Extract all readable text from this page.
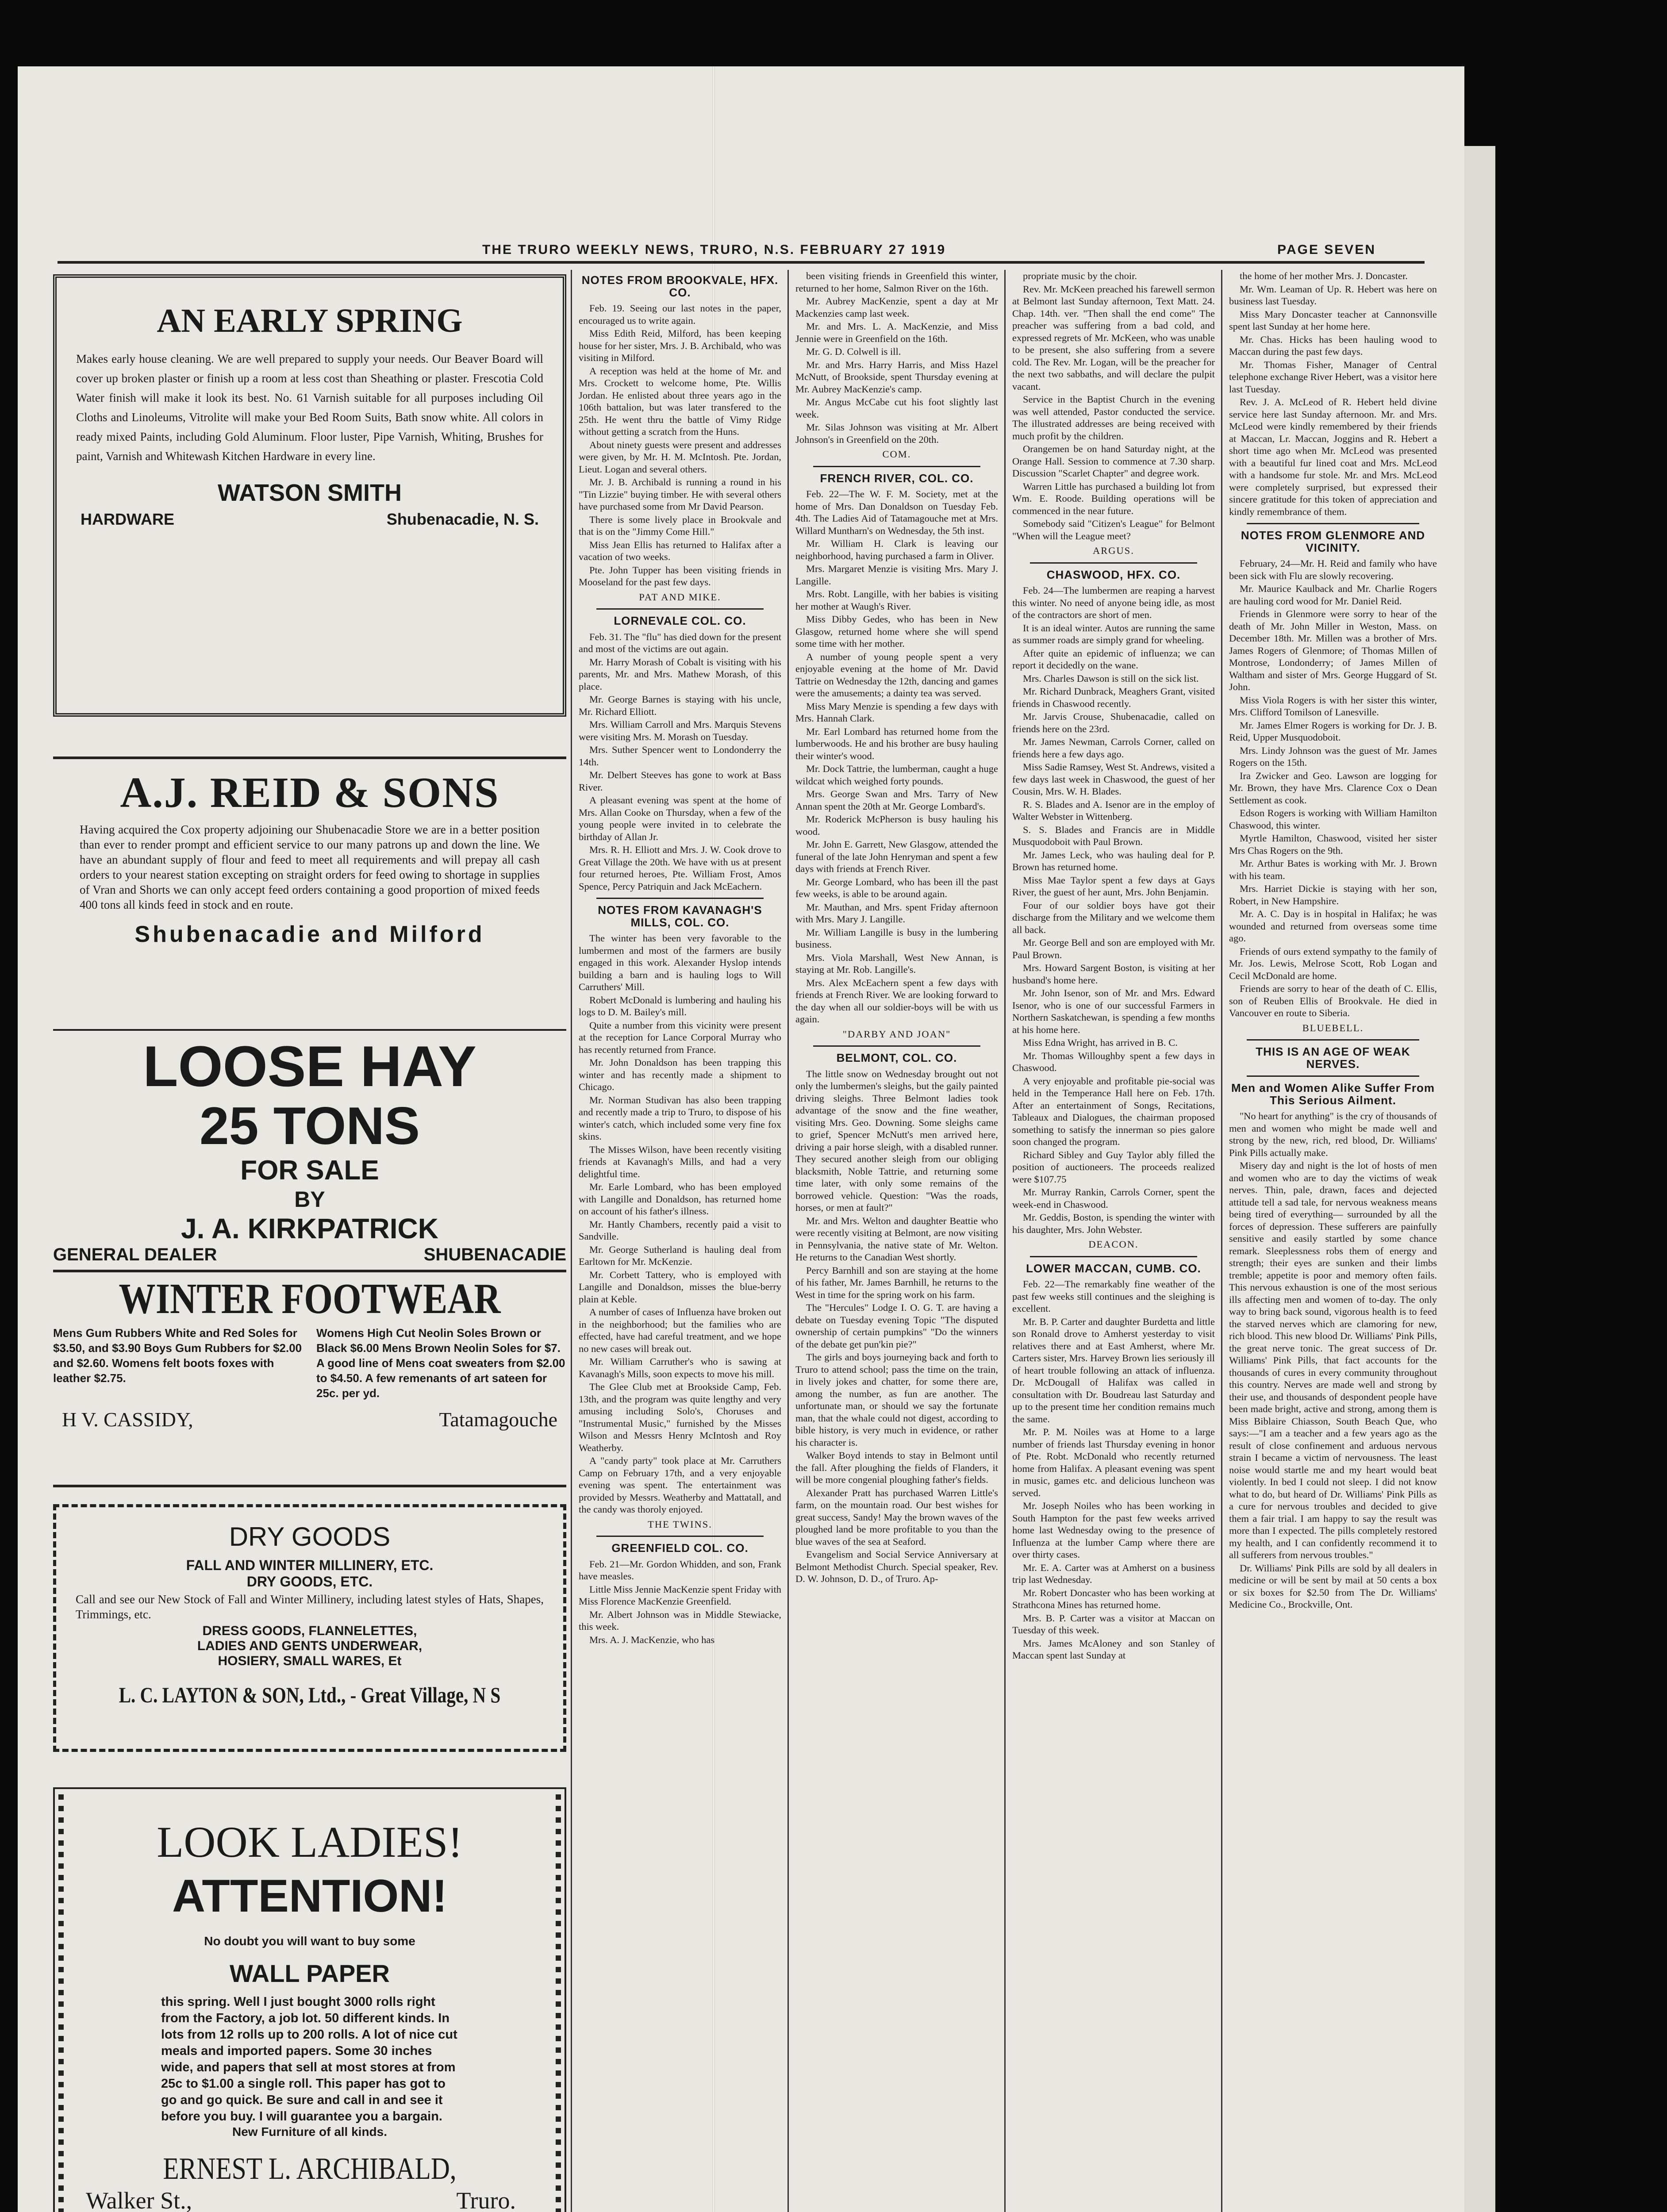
THE TRURO WEEKLY NEWS, TRURO, N.S. FEBRUARY 27 1919	PAGE SEVEN
AN EARLY SPRING
Makes early house cleaning. We are well prepared to supply your needs. Our Beaver Board will cover up broken plaster or finish up a room at less cost than Sheathing or plaster. Frescotia Cold Water finish will make it look its best. No. 61 Varnish suitable for all purposes including Oil Cloths and Linoleums, Vitrolite will make your Bed Room Suits, Bath snow white. All colors in ready mixed Paints, including Gold Aluminum. Floor luster, Pipe Varnish, Whiting, Brushes for paint, Varnish and Whitewash Kitchen Hardware in every line.
WATSON SMITH
HARDWARE	Shubenacadie, N. S.
A.J. REID & SONS
Having acquired the Cox property adjoining our Shubenacadie Store we are in a better position than ever to render prompt and efficient service to our many patrons up and down the line. We have an abundant supply of flour and feed to meet all requirements and will prepay all cash orders to your nearest station excepting on straight orders for feed owing to shortage in supplies of Vran and Shorts we can only accept feed orders containing a good proportion of mixed feeds 400 tons all kinds feed in stock and en route.
Shubenacadie and Milford
LOOSE HAY
25 TONS
FOR SALE
BY
J. A. KIRKPATRICK
GENERAL DEALER	SHUBENACADIE
WINTER FOOTWEAR
Mens Gum Rubbers White and Red Soles for $3.50, and $3.90 Boys Gum Rubbers for $2.00 and $2.60. Womens felt boots foxes with leather $2.75.
Womens High Cut Neolin Soles Brown or Black $6.00 Mens Brown Neolin Soles for $7. A good line of Mens coat sweaters from $2.00 to $4.50. A few remenants of art sateen for 25c. per yd.
H V. CASSIDY,	Tatamagouche
DRY GOODS
FALL AND WINTER MILLINERY, ETC.
DRY GOODS, ETC.
Call and see our New Stock of Fall and Winter Millinery, including latest styles of Hats, Shapes, Trimmings, etc.
DRESS GOODS, FLANNELETTES,
LADIES AND GENTS UNDERWEAR,
HOSIERY, SMALL WARES, Et
L. C. LAYTON & SON, Ltd., - Great Village, N S
LOOK LADIES!
ATTENTION!
No doubt you will want to buy some
WALL PAPER
this spring. Well I just bought 3000 rolls right from the Factory, a job lot. 50 different kinds. In lots from 12 rolls up to 200 rolls. A lot of nice cut meals and imported papers. Some 30 inches wide, and papers that sell at most stores at from 25c to $1.00 a single roll. This paper has got to go and go quick. Be sure and call in and see it before you buy. I will guarantee you a bargain.
New Furniture of all kinds.
ERNEST L. ARCHIBALD,
Walker St.,	Truro.
NOTES FROM BROOKVALE, HFX. CO.

Feb. 19. Seeing our last notes in the paper, encouraged us to write again.

Miss Edith Reid, Milford, has been keeping house for her sister, Mrs. J. B. Archibald, who was visiting in Milford.

A reception was held at the home of Mr. and Mrs. Crockett to welcome home, Pte. Willis Jordan. He enlisted about three years ago in the 106th battalion, but was later transfered to the 25th. He went thru the battle of Vimy Ridge without getting a scratch from the Huns.

About ninety guests were present and addresses were given, by Mr. H. M. McIntosh. Pte. Jordan, Lieut. Logan and several others.

Mr. J. B. Archibald is running a round in his "Tin Lizzie" buying timber. He with several others have purchased some from Mr David Pearson.

There is some lively place in Brookvale and that is on the "Jimmy Come Hill."

Miss Jean Ellis has returned to Halifax after a vacation of two weeks.

Pte. John Tupper has been visiting friends in Mooseland for the past few days.

PAT AND MIKE.

LORNEVALE COL. CO.

Feb. 31. The "flu" has died down for the present and most of the victims are out again.

Mr. Harry Morash of Cobalt is visiting with his parents, Mr. and Mrs. Mathew Morash, of this place.

Mr. George Barnes is staying with his uncle, Mr. Richard Elliott.

Mrs. William Carroll and Mrs. Marquis Stevens were visiting Mrs. M. Morash on Tuesday.

Mrs. Suther Spencer went to Londonderry the 14th.

Mr. Delbert Steeves has gone to work at Bass River.

A pleasant evening was spent at the home of Mrs. Allan Cooke on Thursday, when a few of the young people were invited in to celebrate the birthday of Allan Jr.

Mrs. R. H. Elliott and Mrs. J. W. Cook drove to Great Village the 20th. We have with us at present four returned heroes, Pte. William Frost, Amos Spence, Percy Patriquin and Jack McEachern.

NOTES FROM KAVANAGH'S MILLS, COL. CO.

The winter has been very favorable to the lumbermen and most of the farmers are busily engaged in this work. Alexander Hyslop intends building a barn and is hauling logs to Will Carruthers' Mill.

Robert McDonald is lumbering and hauling his logs to D. M. Bailey's mill.

Quite a number from this vicinity were present at the reception for Lance Corporal Murray who has recently returned from France.

Mr. John Donaldson has been trapping this winter and has recently made a shipment to Chicago.

Mr. Norman Studivan has also been trapping and recently made a trip to Truro, to dispose of his winter's catch, which included some very fine fox skins.

The Misses Wilson, have been recently visiting friends at Kavanagh's Mills, and had a very delightful time.

Mr. Earle Lombard, who has been employed with Langille and Donaldson, has returned home on account of his father's illness.

Mr. Hantly Chambers, recently paid a visit to Sandville.

Mr. George Sutherland is hauling deal from Earltown for Mr. McKenzie.

Mr. Corbett Tattery, who is employed with Langille and Donaldson, misses the blue-berry plain at Keble.

A number of cases of Influenza have broken out in the neighborhood; but the families who are effected, have had careful treatment, and we hope no new cases will break out.

Mr. William Carruther's who is sawing at Kavanagh's Mills, soon expects to move his mill.

The Glee Club met at Brookside Camp, Feb. 13th, and the program was quite lengthy and very amusing including Solo's, Choruses and "Instrumental Music," furnished by the Misses Wilson and Messrs Henry McIntosh and Roy Weatherby.

A "candy party" took place at Mr. Carruthers Camp on February 17th, and a very enjoyable evening was spent. The entertainment was provided by Messrs. Weatherby and Mattatall, and the candy was thoroly enjoyed.

THE TWINS.

GREENFIELD COL. CO.

Feb. 21—Mr. Gordon Whidden, and son, Frank have measles.

Little Miss Jennie MacKenzie spent Friday with Miss Florence MacKenzie Greenfield.

Mr. Albert Johnson was in Middle Stewiacke, this week.

Mrs. A. J. MacKenzie, who has

been visiting friends in Greenfield this winter, returned to her home, Salmon River on the 16th.

Mr. Aubrey MacKenzie, spent a day at Mr Mackenzies camp last week.

Mr. and Mrs. L. A. MacKenzie, and Miss Jennie were in Greenfield on the 16th.

Mr. G. D. Colwell is ill.

Mr. and Mrs. Harry Harris, and Miss Hazel McNutt, of Brookside, spent Thursday evening at Mr. Aubrey MacKenzie's camp.

Mr. Angus McCabe cut his foot slightly last week.

Mr. Silas Johnson was visiting at Mr. Albert Johnson's in Greenfield on the 20th.

COM.

FRENCH RIVER, COL. CO.

Feb. 22—The W. F. M. Society, met at the home of Mrs. Dan Donaldson on Tuesday Feb. 4th. The Ladies Aid of Tatamagouche met at Mrs. Willard Muntharn's on Wednesday, the 5th inst.

Mr. William H. Clark is leaving our neighborhood, having purchased a farm in Oliver.

Mrs. Margaret Menzie is visiting Mrs. Mary J. Langille.

Mrs. Robt. Langille, with her babies is visiting her mother at Waugh's River.

Miss Dibby Gedes, who has been in New Glasgow, returned home where she will spend some time with her mother.

A number of young people spent a very enjoyable evening at the home of Mr. David Tattrie on Wednesday the 12th, dancing and games were the amusements; a dainty tea was served.

Miss Mary Menzie is spending a few days with Mrs. Hannah Clark.

Mr. Earl Lombard has returned home from the lumberwoods. He and his brother are busy hauling their winter's wood.

Mr. Dock Tattrie, the lumberman, caught a huge wildcat which weighed forty pounds.

Mrs. George Swan and Mrs. Tarry of New Annan spent the 20th at Mr. George Lombard's.

Mr. Roderick McPherson is busy hauling his wood.

Mr. John E. Garrett, New Glasgow, attended the funeral of the late John Henryman and spent a few days with friends at French River.

Mr. George Lombard, who has been ill the past few weeks, is able to be around again.

Mr. Mauthan, and Mrs. spent Friday afternoon with Mrs. Mary J. Langille.

Mr. William Langille is busy in the lumbering business.

Mrs. Viola Marshall, West New Annan, is staying at Mr. Rob. Langille's.

Mrs. Alex McEachern spent a few days with friends at French River. We are looking forward to the day when all our soldier-boys will be with us again.

"DARBY AND JOAN"

BELMONT, COL. CO.

The little snow on Wednesday brought out not only the lumbermen's sleighs, but the gaily painted driving sleighs. Three Belmont ladies took advantage of the snow and the fine weather, visiting Mrs. Geo. Downing. Some sleighs came to grief, Spencer McNutt's men arrived here, driving a pair horse sleigh, with a disabled runner. They secured another sleigh from our obliging blacksmith, Noble Tattrie, and returning some time later, with only some remains of the borrowed vehicle. Question: "Was the roads, horses, or men at fault?"

Mr. and Mrs. Welton and daughter Beattie who were recently visiting at Belmont, are now visiting in Pennsylvania, the native state of Mr. Welton. He returns to the Canadian West shortly.

Percy Barnhill and son are staying at the home of his father, Mr. James Barnhill, he returns to the West in time for the spring work on his farm.

The "Hercules" Lodge I. O. G. T. are having a debate on Tuesday evening Topic "The disputed ownership of certain pumpkins" "Do the winners of the debate get pun'kin pie?"

The girls and boys journeying back and forth to Truro to attend school; pass the time on the train, in lively jokes and chatter, for some there are, among the number, as fun are another. The unfortunate man, or should we say the fortunate man, that the whale could not digest, according to bible history, is very much in evidence, or rather his character is.

Walker Boyd intends to stay in Belmont until the fall. After ploughing the fields of Flanders, it will be more congenial ploughing father's fields.

Alexander Pratt has purchased Warren Little's farm, on the mountain road. Our best wishes for great success, Sandy! May the brown waves of the ploughed land be more profitable to you than the blue waves of the sea at Seaford.

Evangelism and Social Service Anniversary at Belmont Methodist Church. Special speaker, Rev. D. W. Johnson, D. D., of Truro. Ap-

propriate music by the choir.

Rev. Mr. McKeen preached his farewell sermon at Belmont last Sunday afternoon, Text Matt. 24. Chap. 14th. ver. "Then shall the end come" The preacher was suffering from a bad cold, and expressed regrets of Mr. McKeen, who was unable to be present, she also suffering from a severe cold. The Rev. Mr. Logan, will be the preacher for the next two sabbaths, and will declare the pulpit vacant.

Service in the Baptist Church in the evening was well attended, Pastor conducted the service. The illustrated addresses are being received with much profit by the children.

Orangemen be on hand Saturday night, at the Orange Hall. Session to commence at 7.30 sharp. Discussion "Scarlet Chapter" and degree work.

Warren Little has purchased a building lot from Wm. E. Roode. Building operations will be commenced in the near future.

Somebody said "Citizen's League" for Belmont "When will the League meet?

ARGUS.

CHASWOOD, HFX. CO.

Feb. 24—The lumbermen are reaping a harvest this winter. No need of anyone being idle, as most of the contractors are short of men.

It is an ideal winter. Autos are running the same as summer roads are simply grand for wheeling.

After quite an epidemic of influenza; we can report it decidedly on the wane.

Mrs. Charles Dawson is still on the sick list.

Mr. Richard Dunbrack, Meaghers Grant, visited friends in Chaswood recently.

Mr. Jarvis Crouse, Shubenacadie, called on friends here on the 23rd.

Mr. James Newman, Carrols Corner, called on friends here a few days ago.

Miss Sadie Ramsey, West St. Andrews, visited a few days last week in Chaswood, the guest of her Cousin, Mrs. W. H. Blades.

R. S. Blades and A. Isenor are in the employ of Walter Webster in Wittenberg.

S. S. Blades and Francis are in Middle Musquodoboit with Paul Brown.

Mr. James Leck, who was hauling deal for P. Brown has returned home.

Miss Mae Taylor spent a few days at Gays River, the guest of her aunt, Mrs. John Benjamin.

Four of our soldier boys have got their discharge from the Military and we welcome them all back.

Mr. George Bell and son are employed with Mr. Paul Brown.

Mrs. Howard Sargent Boston, is visiting at her husband's home here.

Mr. John Isenor, son of Mr. and Mrs. Edward Isenor, who is one of our successful Farmers in Northern Saskatchewan, is spending a few months at his home here.

Miss Edna Wright, has arrived in B. C.

Mr. Thomas Willoughby spent a few days in Chaswood.

A very enjoyable and profitable pie-social was held in the Temperance Hall here on Feb. 17th. After an entertainment of Songs, Recitations, Tableaux and Dialogues, the chairman proposed something to satisfy the innerman so pies galore soon changed the program.

Richard Sibley and Guy Taylor ably filled the position of auctioneers. The proceeds realized were $107.75

Mr. Murray Rankin, Carrols Corner, spent the week-end in Chaswood.

Mr. Geddis, Boston, is spending the winter with his daughter, Mrs. John Webster.

DEACON.

LOWER MACCAN, CUMB. CO.

Feb. 22—The remarkably fine weather of the past few weeks still continues and the sleighing is excellent.

Mr. B. P. Carter and daughter Burdetta and little son Ronald drove to Amherst yesterday to visit relatives there and at East Amherst, where Mr. Carters sister, Mrs. Harvey Brown lies seriously ill of heart trouble following an attack of influenza. Dr. McDougall of Halifax was called in consultation with Dr. Boudreau last Saturday and up to the present time her condition remains much the same.

Mr. P. M. Noiles was at Home to a large number of friends last Thursday evening in honor of Pte. Robt. McDonald who recently returned home from Halifax. A pleasant evening was spent in music, games etc. and delicious luncheon was served.

Mr. Joseph Noiles who has been working in South Hampton for the past few weeks arrived home last Wednesday owing to the presence of Influenza at the lumber Camp where there are over thirty cases.

Mr. E. A. Carter was at Amherst on a business trip last Wednesday.

Mr. Robert Doncaster who has been working at Strathcona Mines has returned home.

Mrs. B. P. Carter was a visitor at Maccan on Tuesday of this week.

Mrs. James McAloney and son Stanley of Maccan spent last Sunday at

the home of her mother Mrs. J. Doncaster.

Mr. Wm. Leaman of Up. R. Hebert was here on business last Tuesday.

Miss Mary Doncaster teacher at Cannonsville spent last Sunday at her home here.

Mr. Chas. Hicks has been hauling wood to Maccan during the past few days.

Mr. Thomas Fisher, Manager of Central telephone exchange River Hebert, was a visitor here last Tuesday.

Rev. J. A. McLeod of R. Hebert held divine service here last Sunday afternoon. Mr. and Mrs. McLeod were kindly remembered by their friends at Maccan, Lr. Maccan, Joggins and R. Hebert a short time ago when Mr. McLeod was presented with a beautiful fur lined coat and Mrs. McLeod with a handsome fur stole. Mr. and Mrs. McLeod were completely surprised, but expressed their sincere gratitude for this token of appreciation and kindly remembrance of them.

NOTES FROM GLENMORE AND VICINITY.

February, 24—Mr. H. Reid and family who have been sick with Flu are slowly recovering.

Mr. Maurice Kaulback and Mr. Charlie Rogers are hauling cord wood for Mr. Daniel Reid.

Friends in Glenmore were sorry to hear of the death of Mr. John Miller in Weston, Mass. on December 18th. Mr. Millen was a brother of Mrs. James Rogers of Glenmore; of Thomas Millen of Montrose, Londonderry; of James Millen of Waltham and sister of Mrs. George Huggard of St. John.

Miss Viola Rogers is with her sister this winter, Mrs. Clifford Tomilson of Lanesville.

Mr. James Elmer Rogers is working for Dr. J. B. Reid, Upper Musquodoboit.

Mrs. Lindy Johnson was the guest of Mr. James Rogers on the 15th.

Ira Zwicker and Geo. Lawson are logging for Mr. Brown, they have Mrs. Clarence Cox o Dean Settlement as cook.

Edson Rogers is working with William Hamilton Chaswood, this winter.

Myrtle Hamilton, Chaswood, visited her sister Mrs Chas Rogers on the 9th.

Mr. Arthur Bates is working with Mr. J. Brown with his team.

Mrs. Harriet Dickie is staying with her son, Robert, in New Hampshire.

Mr. A. C. Day is in hospital in Halifax; he was wounded and returned from overseas some time ago.

Friends of ours extend sympathy to the family of Mr. Jos. Lewis, Melrose Scott, Rob Logan and Cecil McDonald are home.

Friends are sorry to hear of the death of C. Ellis, son of Reuben Ellis of Brookvale. He died in Vancouver en route to Siberia.

BLUEBELL.

THIS IS AN AGE OF WEAK NERVES.
Men and Women Alike Suffer From This Serious Ailment.

"No heart for anything" is the cry of thousands of men and women who might be made well and strong by the new, rich, red blood, Dr. Williams' Pink Pills actually make.

Misery day and night is the lot of hosts of men and women who are to day the victims of weak nerves. Thin, pale, drawn, faces and dejected attitude tell a sad tale, for nervous weakness means being tired of everything— surrounded by all the forces of depression. These sufferers are painfully sensitive and easily startled by some chance remark. Sleeplessness robs them of energy and strength; their eyes are sunken and their limbs tremble; appetite is poor and memory often fails. This nervous exhaustion is one of the most serious ills affecting men and women of to-day. The only way to bring back sound, vigorous health is to feed the starved nerves which are clamoring for new, rich blood. This new blood Dr. Williams' Pink Pills, the great nerve tonic. The great success of Dr. Williams' Pink Pills, that fact accounts for the thousands of cures in every community throughout this country. Nerves are made well and strong by their use, and thousands of despondent people have been made bright, active and strong, among them is Miss Biblaire Chiasson, South Beach Que, who says:—"I am a teacher and a few years ago as the result of close confinement and arduous nervous strain I became a victim of nervousness. The least noise would startle me and my heart would beat violently. In bed I could not sleep. I did not know what to do, but heard of Dr. Williams' Pink Pills as a cure for nervous troubles and decided to give them a fair trial. I am happy to say the result was more than I expected. The pills completely restored my health, and I can confidently recommend it to all sufferers from nervous troubles."

Dr. Williams' Pink Pills are sold by all dealers in medicine or will be sent by mail at 50 cents a box or six boxes for $2.50 from The Dr. Williams' Medicine Co., Brockville, Ont.
